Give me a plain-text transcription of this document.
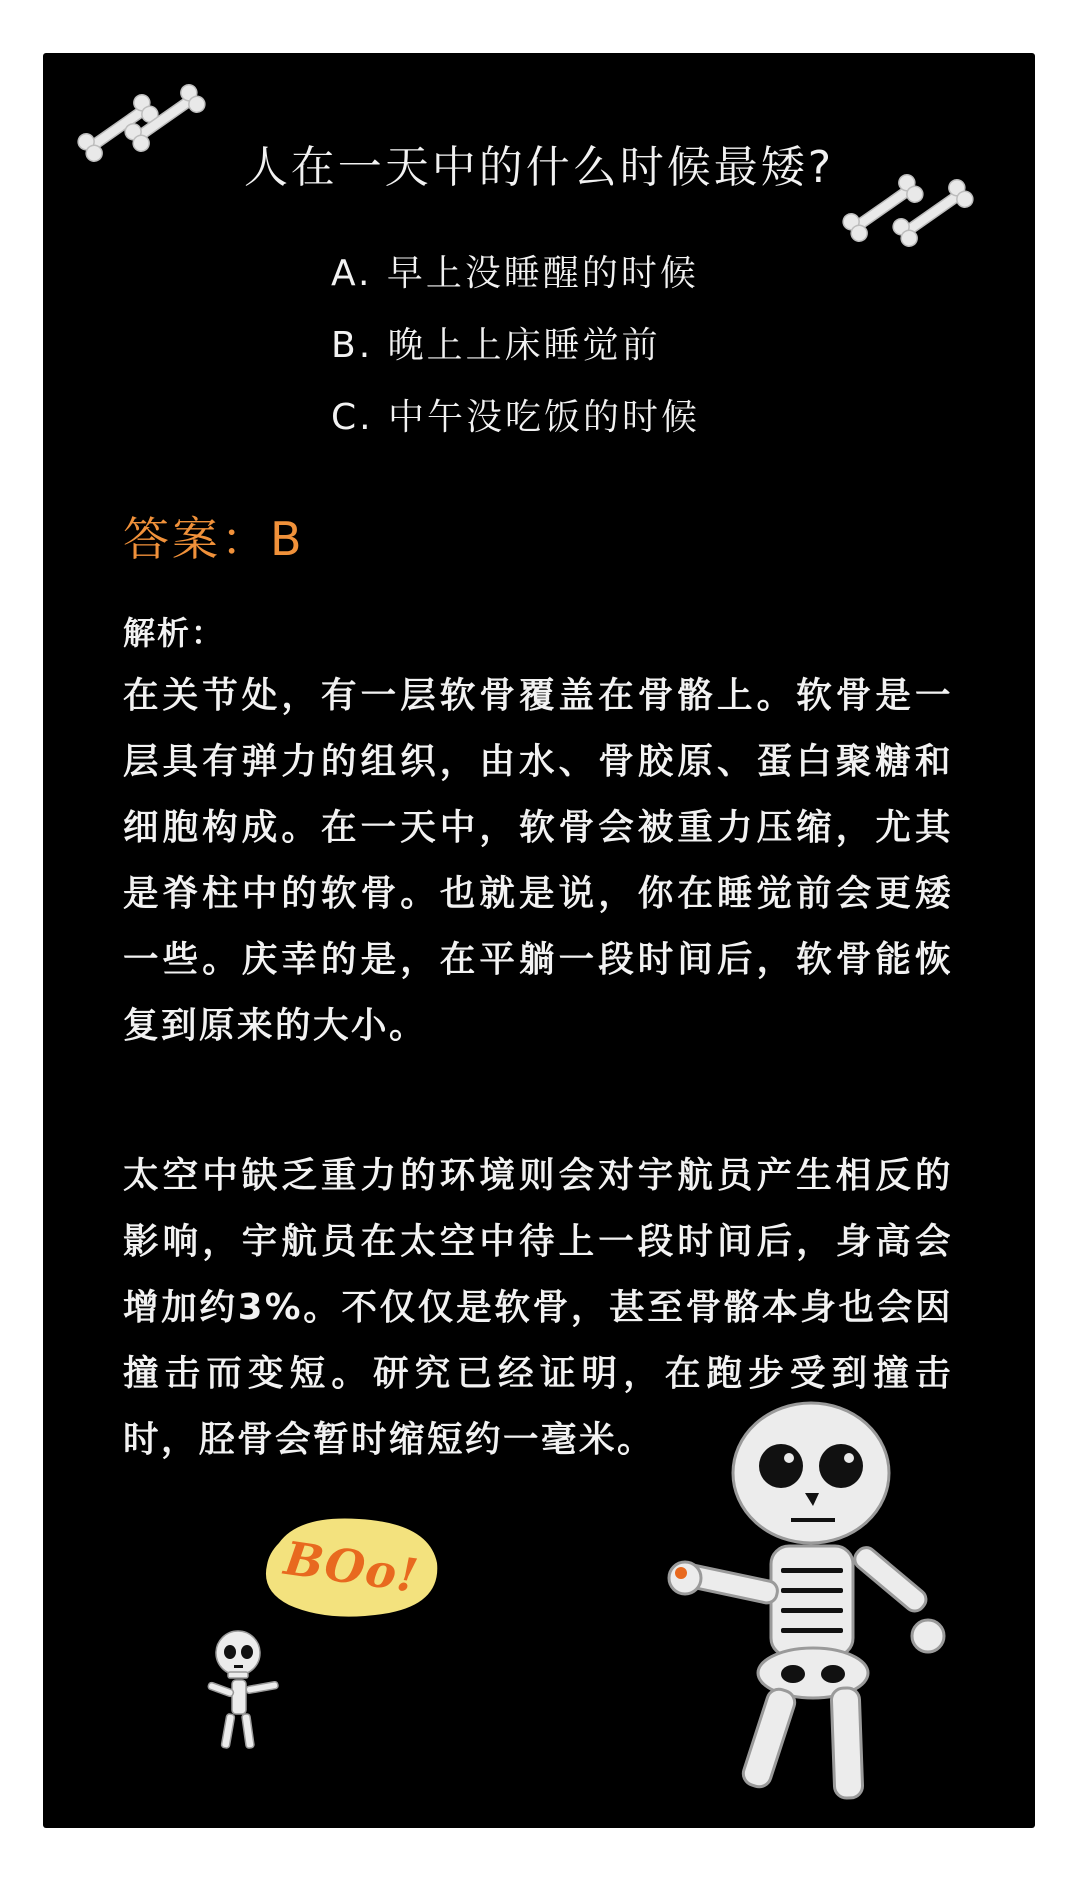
人在一天中的什么时候最矮?
A. 早上没睡醒的时候
B. 晚上上床睡觉前
C. 中午没吃饭的时候
答案：B
解析：
在关节处，有一层软骨覆盖在骨骼上。软骨是一层具有弹力的组织，由水、骨胶原、蛋白聚糖和细胞构成。在一天中，软骨会被重力压缩，尤其是脊柱中的软骨。也就是说，你在睡觉前会更矮一些。庆幸的是，在平躺一段时间后，软骨能恢复到原来的大小。
太空中缺乏重力的环境则会对宇航员产生相反的影响，宇航员在太空中待上一段时间后，身高会增加约3%。不仅仅是软骨，甚至骨骼本身也会因撞击而变短。研究已经证明，在跑步受到撞击时，胫骨会暂时缩短约一毫米。
BOo!
